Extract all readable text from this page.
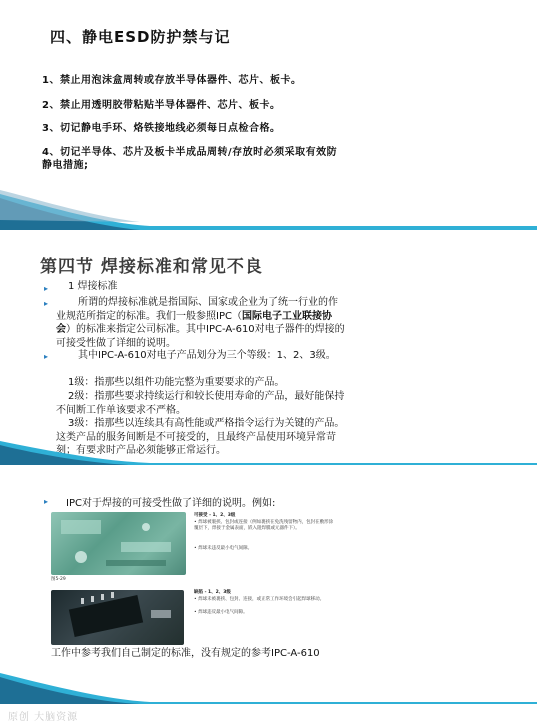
四、静电ESD防护禁与记
1、禁止用泡沫盒周转或存放半导体器件、芯片、板卡。
2、禁止用透明胶带粘贴半导体器件、芯片、板卡。
3、切记静电手环、烙铁接地线必须每日点检合格。
4、切记半导体、芯片及板卡半成品周转/存放时必须采取有效防静电措施;
第四节 焊接标准和常见不良
▸ 1 焊接标准
▸	所谓的焊接标准就是指国际、国家或企业为了统一行业的作业规范所指定的标准。我们一般参照IPC（国际电子工业联接协会）的标准来指定公司标准。其中IPC-A-610对电子器件的焊接的可接受性做了详细的说明。
▸	其中IPC-A-610对电子产品划分为三个等级：1、2、3级。
1级：指那些以组件功能完整为重要要求的产品。
2级：指那些要求持续运行和较长使用寿命的产品，最好能保持不间断工作单该要求不严格。
3级：指那些以连续具有高性能或严格指令运行为关键的产品。这类产品的服务间断是不可接受的，且最终产品使用环境异常苛刻；有要求时产品必须能够正常运行。
▸ IPC对于焊接的可接受性做了详细的说明。例如:
图5-29
可接受 - 1、2、3级
• 焊球被裹挟、包封或连接（例如裹挟在免洗残留物内，包封在敷形涂覆层下，焊接于金属表面，嵌入阻焊膜或元器件下）。
• 焊球未违反最小电气间隙。
缺陷 - 1、2、3级
• 焊球未被裹挟、包封、连接，或正常工作环境会引起焊球移动。
• 焊球违反最小电气间隙。
工作中参考我们自己制定的标准，没有规定的参考IPC-A-610
原创 大脑资源
